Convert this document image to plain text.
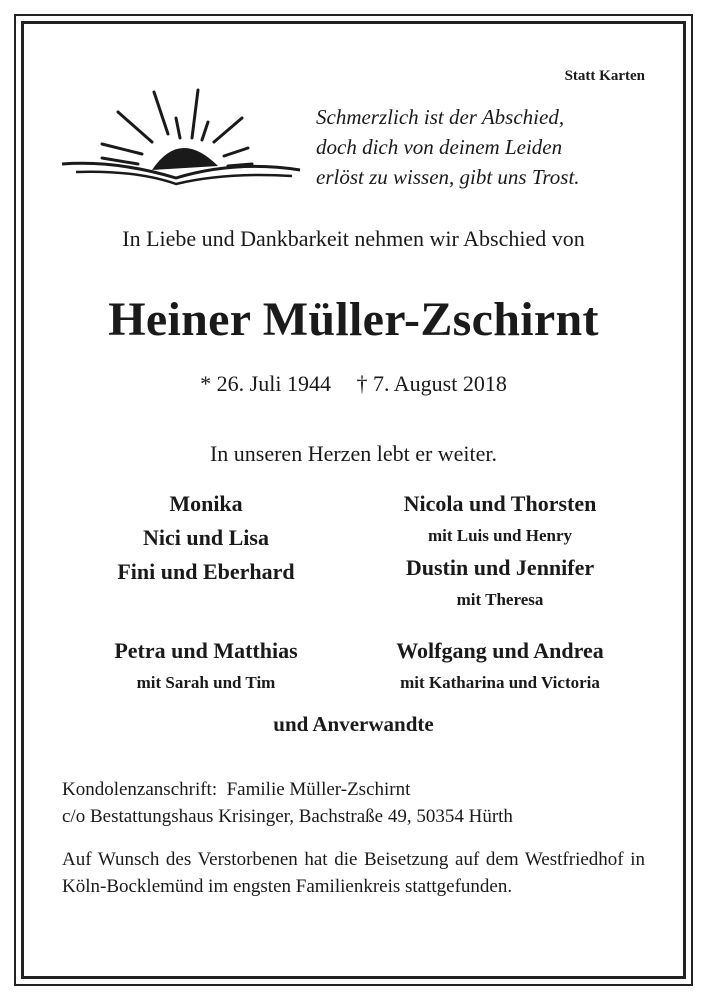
Statt Karten
Schmerzlich ist der Abschied,
doch dich von deinem Leiden
erlöst zu wissen, gibt uns Trost.
In Liebe und Dankbarkeit nehmen wir Abschied von
Heiner Müller-Zschirnt
* 26. Juli 1944 † 7. August 2018
In unseren Herzen lebt er weiter.
Monika
Nici und Lisa
Fini und Eberhard
Nicola und Thorsten
mit Luis und Henry
Dustin und Jennifer
mit Theresa
Petra und Matthias
mit Sarah und Tim
Wolfgang und Andrea
mit Katharina und Victoria
und Anverwandte
Kondolenzanschrift:  Familie Müller-Zschirnt
c/o Bestattungshaus Krisinger, Bachstraße 49, 50354 Hürth
Auf Wunsch des Verstorbenen hat die Beisetzung auf dem Westfriedhof in Köln-Bocklemünd im engsten Familienkreis stattgefunden.
